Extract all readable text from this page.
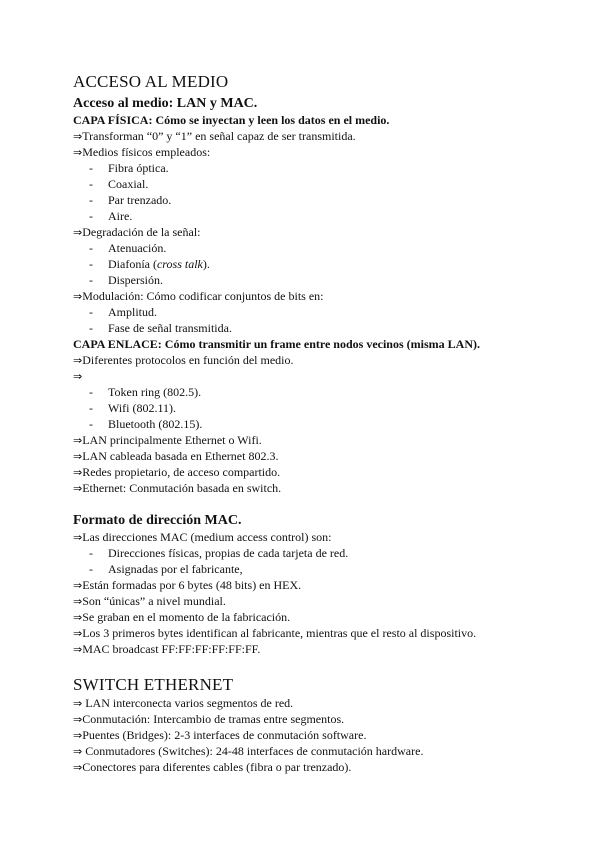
ACCESO AL MEDIO
Acceso al medio: LAN y MAC.
CAPA FÍSICA: Cómo se inyectan y leen los datos en el medio.
⇒Transforman “0” y “1” en señal capaz de ser transmitida.
⇒Medios físicos empleados:
- Fibra óptica.
- Coaxial.
- Par trenzado.
- Aire.
⇒Degradación de la señal:
- Atenuación.
- Diafonía (cross talk).
- Dispersión.
⇒Modulación: Cómo codificar conjuntos de bits en:
- Amplitud.
- Fase de señal transmitida.
CAPA ENLACE: Cómo transmitir un frame entre nodos vecinos (misma LAN).
⇒Diferentes protocolos en función del medio.
⇒
- Token ring (802.5).
- Wifi (802.11).
- Bluetooth (802.15).
⇒LAN principalmente Ethernet o Wifi.
⇒LAN cableada basada en Ethernet 802.3.
⇒Redes propietario, de acceso compartido.
⇒Ethernet: Conmutación basada en switch.
Formato de dirección MAC.
⇒Las direcciones MAC (medium access control) son:
- Direcciones físicas, propias de cada tarjeta de red.
- Asignadas por el fabricante,
⇒Están formadas por 6 bytes (48 bits) en HEX.
⇒Son “únicas” a nivel mundial.
⇒Se graban en el momento de la fabricación.
⇒Los 3 primeros bytes identifican al fabricante, mientras que el resto al dispositivo.
⇒MAC broadcast FF:FF:FF:FF:FF:FF.
SWITCH ETHERNET
⇒ LAN interconecta varios segmentos de red.
⇒Conmutación: Intercambio de tramas entre segmentos.
⇒Puentes (Bridges): 2-3 interfaces de conmutación software.
⇒ Conmutadores (Switches): 24-48 interfaces de conmutación hardware.
⇒Conectores para diferentes cables (fibra o par trenzado).
